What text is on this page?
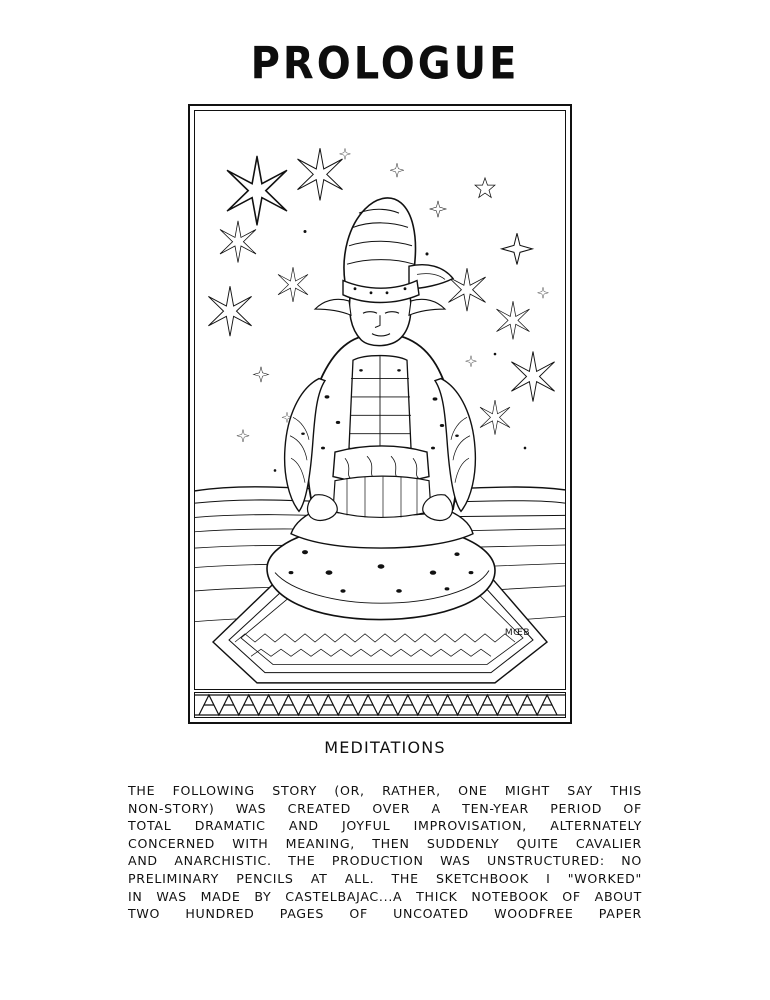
PROLOGUE
MŒB
MEDITATIONS
THE FOLLOWING STORY (OR, RATHER, ONE MIGHT SAY THIS
NON-STORY) WAS CREATED OVER A TEN-YEAR PERIOD OF
TOTAL DRAMATIC AND JOYFUL IMPROVISATION, ALTERNATELY
CONCERNED WITH MEANING, THEN SUDDENLY QUITE CAVALIER
AND ANARCHISTIC. THE PRODUCTION WAS UNSTRUCTURED: NO
PRELIMINARY PENCILS AT ALL. THE SKETCHBOOK I "WORKED"
IN WAS MADE BY CASTELBAJAC...A THICK NOTEBOOK OF ABOUT
TWO HUNDRED PAGES OF UNCOATED WOODFREE PAPER
